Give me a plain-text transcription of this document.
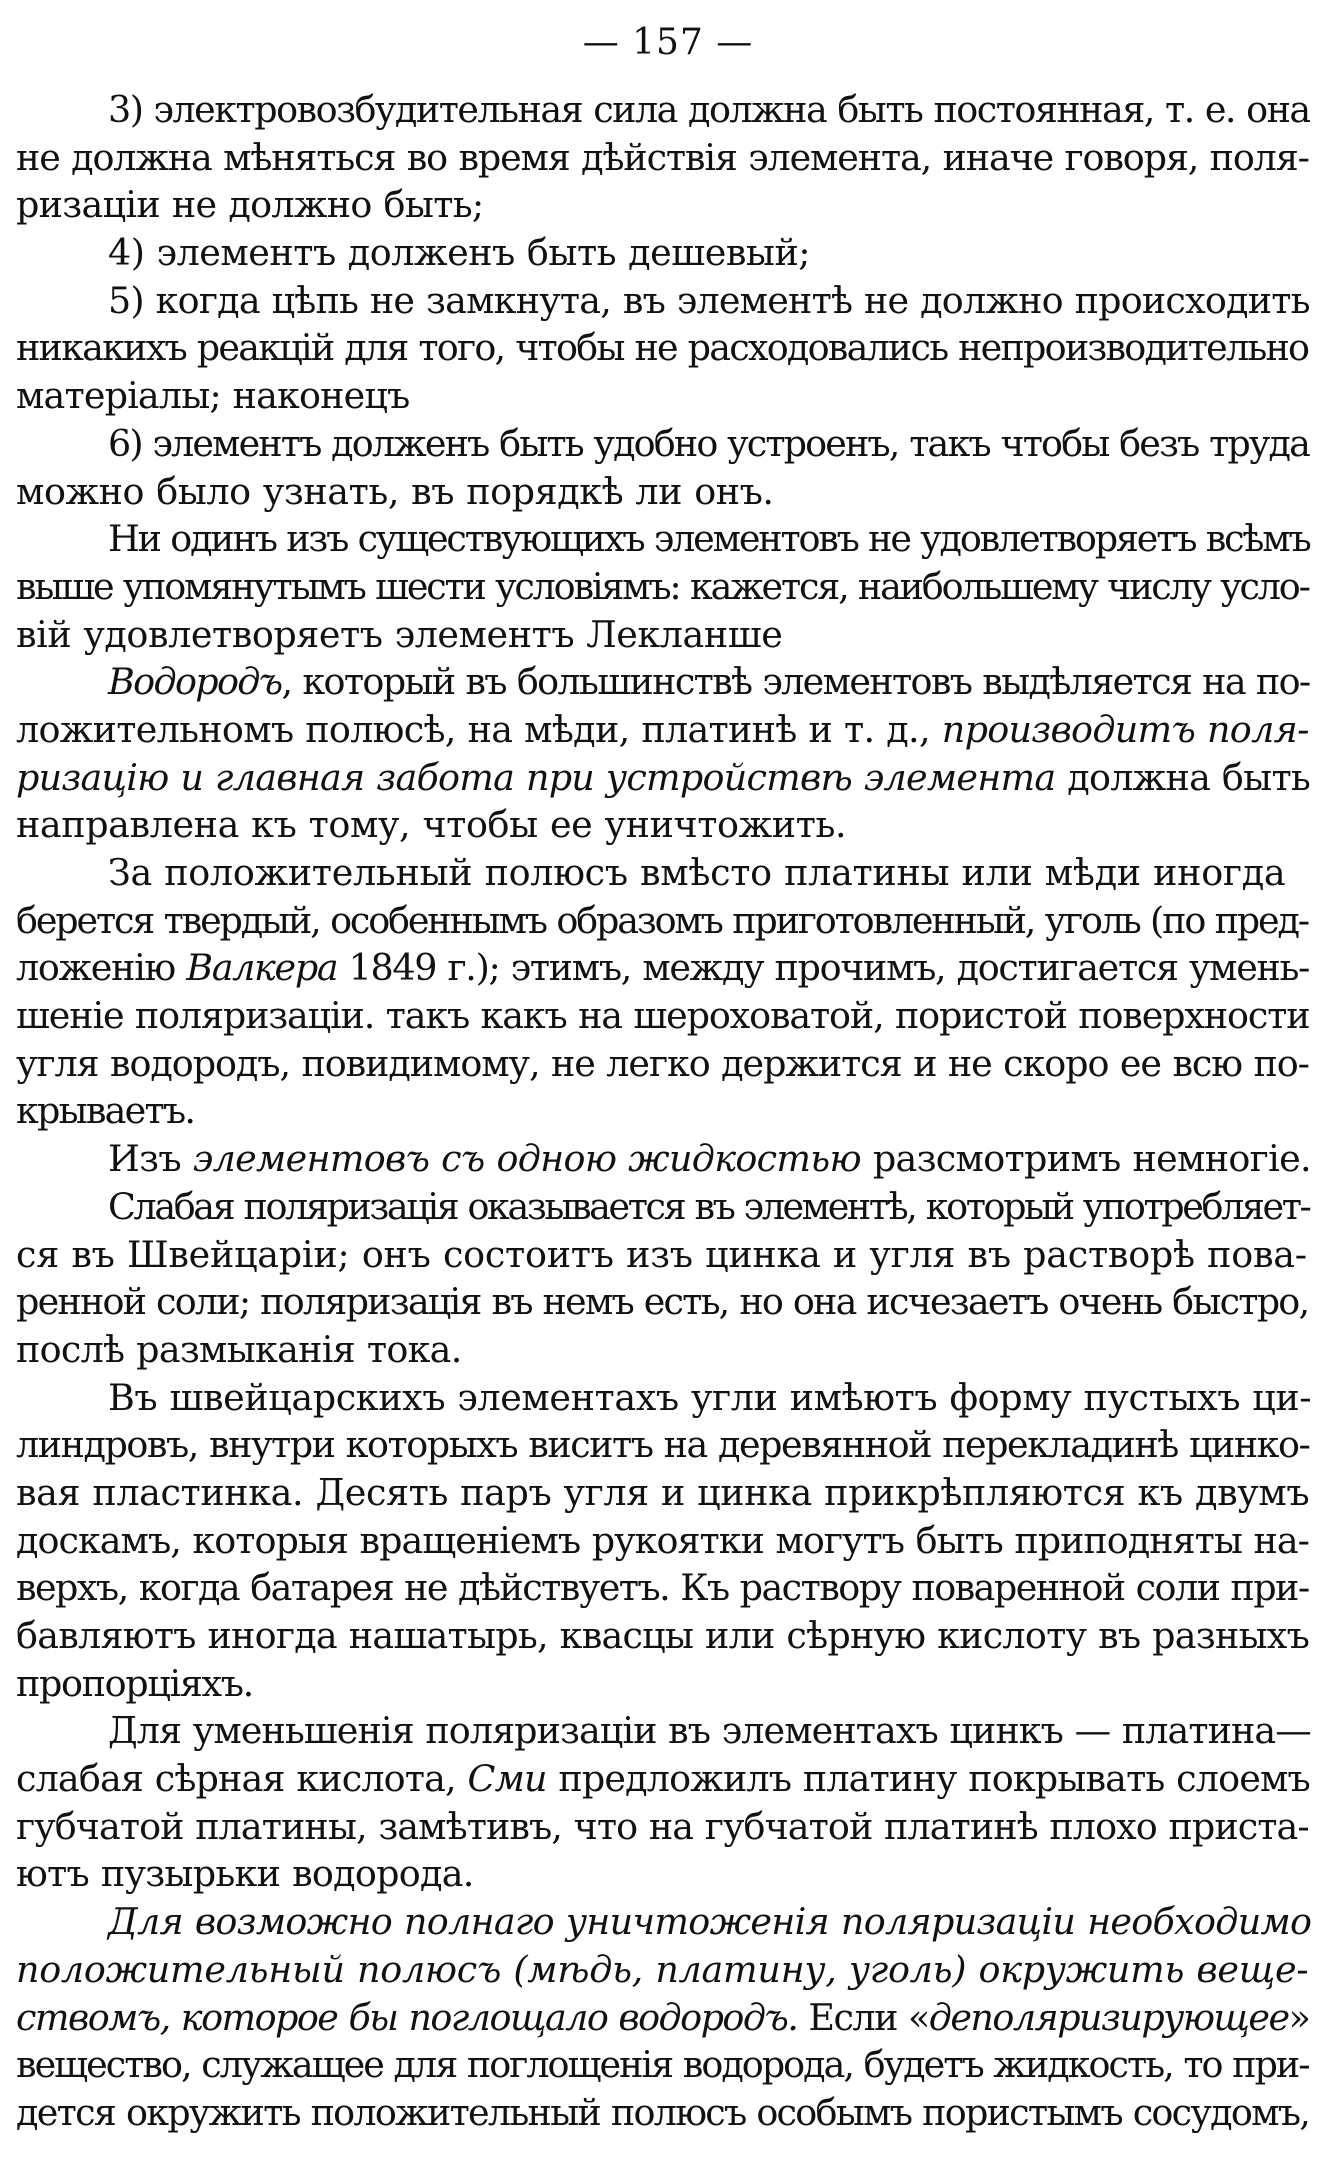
— 157 —
3) электровозбудительная сила должна быть постоянная, т. е. она
не должна мѣняться во время дѣйствія элемента, иначе говоря, поля-
ризаціи не должно быть;
4) элементъ долженъ быть дешевый;
5) когда цѣпь не замкнута, въ элементѣ не должно происходить
никакихъ реакцій для того, чтобы не расходовались непроизводительно
матеріалы; наконецъ
6) элементъ долженъ быть удобно устроенъ, такъ чтобы безъ труда
можно было узнать, въ порядкѣ ли онъ.
Ни одинъ изъ существующихъ элементовъ не удовлетворяетъ всѣмъ
выше упомянутымъ шести условіямъ: кажется, наибольшему числу усло-
вій удовлетворяетъ элементъ Лекланше
Водородъ, который въ большинствѣ элементовъ выдѣляется на по-
ложительномъ полюсѣ, на мѣди, платинѣ и т. д., производитъ поля-
ризацію и главная забота при устройствѣ элемента должна быть
направлена къ тому, чтобы ее уничтожить.
За положительный полюсъ вмѣсто платины или мѣди иногда
берется твердый, особеннымъ образомъ приготовленный, уголь (по пред-
ложенію Валкера 1849 г.); этимъ, между прочимъ, достигается умень-
шеніе поляризаціи. такъ какъ на шероховатой, пористой поверхности
угля водородъ, повидимому, не легко держится и не скоро ее всю по-
крываетъ.
Изъ элементовъ съ одною жидкостью разсмотримъ немногіе.
Слабая поляризація оказывается въ элементѣ, который употребляет-
ся въ Швейцаріи; онъ состоитъ изъ цинка и угля въ растворѣ пова-
ренной соли; поляризація въ немъ есть, но она исчезаетъ очень быстро,
послѣ размыканія тока.
Въ швейцарскихъ элементахъ угли имѣютъ форму пустыхъ ци-
линдровъ, внутри которыхъ виситъ на деревянной перекладинѣ цинко-
вая пластинка. Десять паръ угля и цинка прикрѣпляются къ двумъ
доскамъ, которыя вращеніемъ рукоятки могутъ быть приподняты на-
верхъ, когда батарея не дѣйствуетъ. Къ раствору поваренной соли при-
бавляютъ иногда нашатырь, квасцы или сѣрную кислоту въ разныхъ
пропорціяхъ.
Для уменьшенія поляризаціи въ элементахъ цинкъ — платина—
слабая сѣрная кислота, Сми предложилъ платину покрывать слоемъ
губчатой платины, замѣтивъ, что на губчатой платинѣ плохо приста-
ютъ пузырьки водорода.
Для возможно полнаго уничтоженія поляризаціи необходимо
положительный полюсъ (мѣдь, платину, уголь) окружить веще-
ствомъ, которое бы поглощало водородъ. Если «деполяризирующее»
вещество, служащее для поглощенія водорода, будетъ жидкость, то при-
дется окружить положительный полюсъ особымъ пористымъ сосудомъ,
